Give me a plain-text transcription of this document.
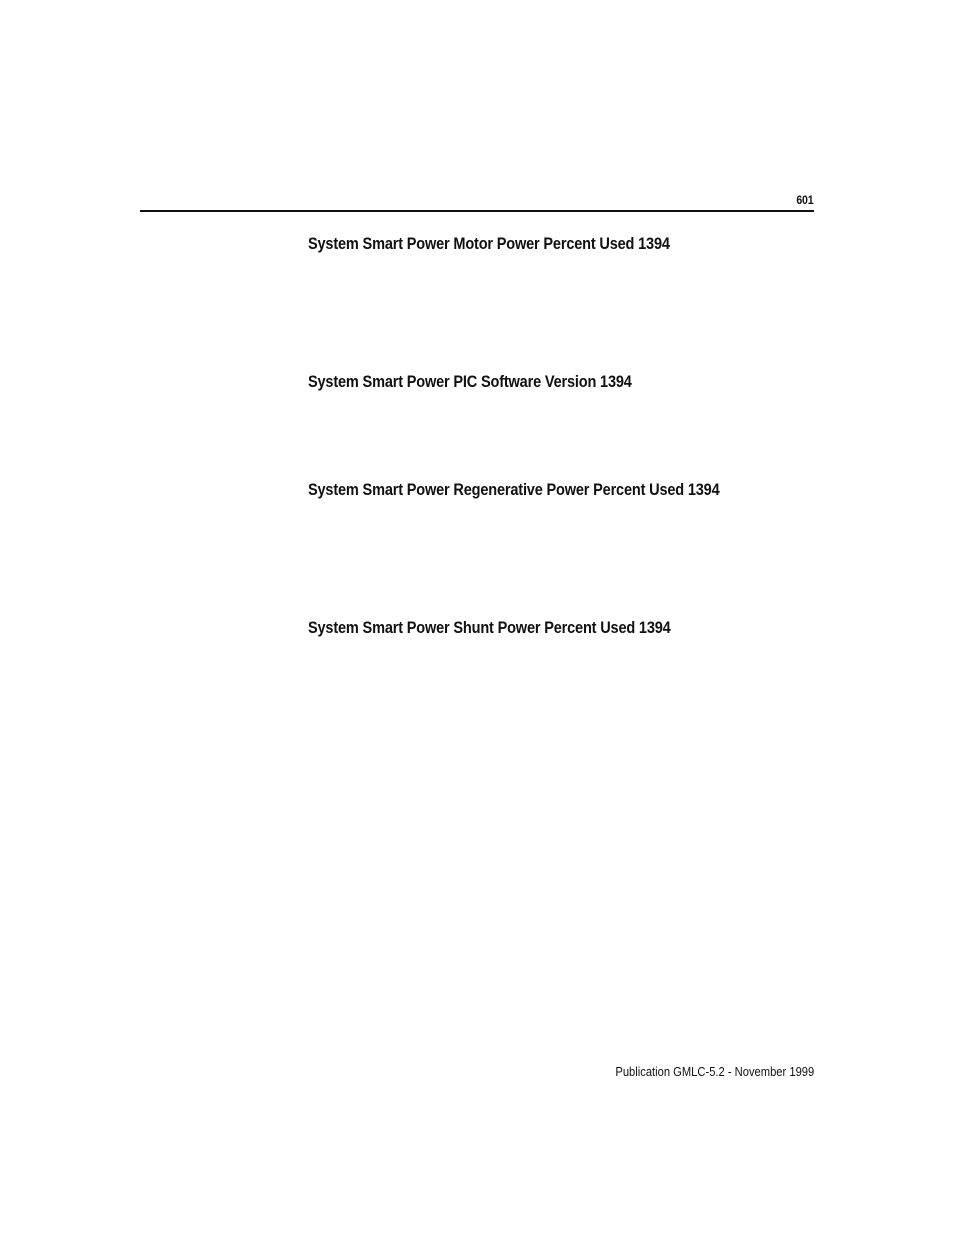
601
System Smart Power Motor Power Percent Used 1394
System Smart Power PIC Software Version 1394
System Smart Power Regenerative Power Percent Used 1394
System Smart Power Shunt Power Percent Used 1394
Publication GMLC-5.2 - November 1999
